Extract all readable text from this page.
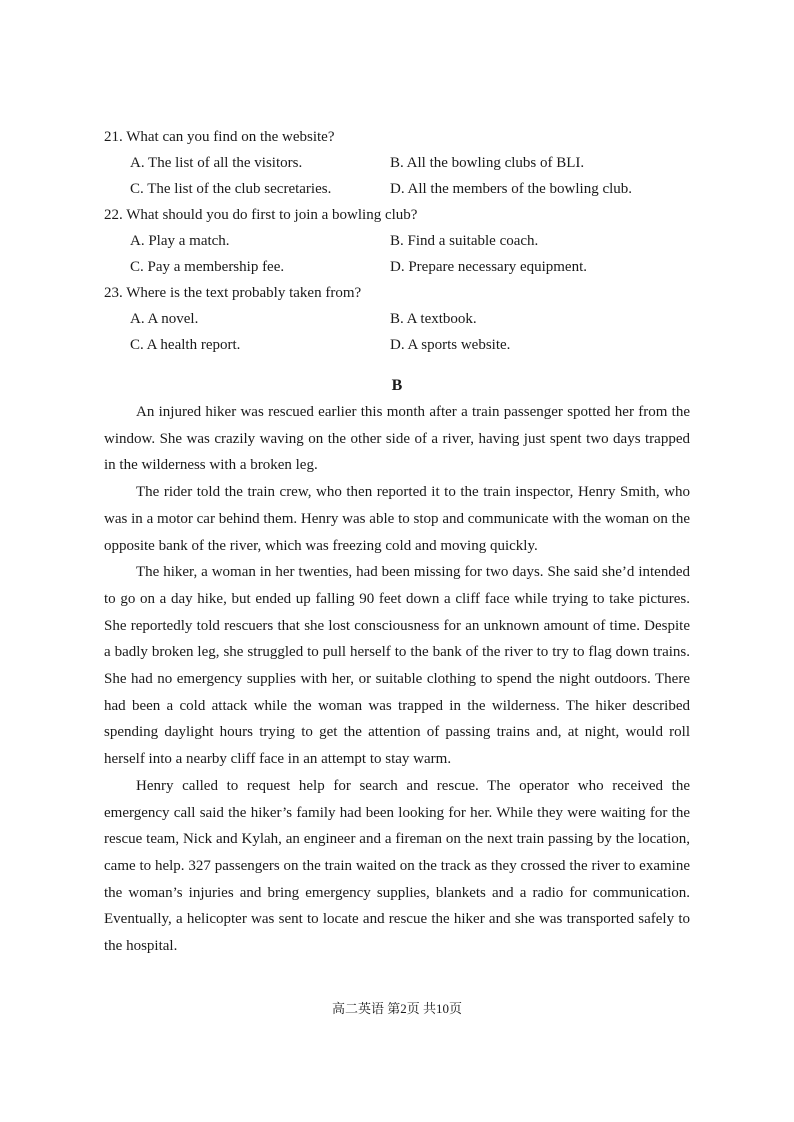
21. What can you find on the website?
A. The list of all the visitors.	B. All the bowling clubs of BLI.
C. The list of the club secretaries.	D. All the members of the bowling club.
22. What should you do first to join a bowling club?
A. Play a match.	B. Find a suitable coach.
C. Pay a membership fee.	D. Prepare necessary equipment.
23. Where is the text probably taken from?
A. A novel.	B. A textbook.
C. A health report.	D. A sports website.
B

An injured hiker was rescued earlier this month after a train passenger spotted her from the window. She was crazily waving on the other side of a river, having just spent two days trapped in the wilderness with a broken leg.

The rider told the train crew, who then reported it to the train inspector, Henry Smith, who was in a motor car behind them. Henry was able to stop and communicate with the woman on the opposite bank of the river, which was freezing cold and moving quickly.

The hiker, a woman in her twenties, had been missing for two days. She said she’d intended to go on a day hike, but ended up falling 90 feet down a cliff face while trying to take pictures. She reportedly told rescuers that she lost consciousness for an unknown amount of time. Despite a badly broken leg, she struggled to pull herself to the bank of the river to try to flag down trains. She had no emergency supplies with her, or suitable clothing to spend the night outdoors. There had been a cold attack while the woman was trapped in the wilderness. The hiker described spending daylight hours trying to get the attention of passing trains and, at night, would roll herself into a nearby cliff face in an attempt to stay warm.

Henry called to request help for search and rescue. The operator who received the emergency call said the hiker’s family had been looking for her. While they were waiting for the rescue team, Nick and Kylah, an engineer and a fireman on the next train passing by the location, came to help. 327 passengers on the train waited on the track as they crossed the river to examine the woman’s injuries and bring emergency supplies, blankets and a radio for communication. Eventually, a helicopter was sent to locate and rescue the hiker and she was transported safely to the hospital.

高二英语 第2页 共10页
